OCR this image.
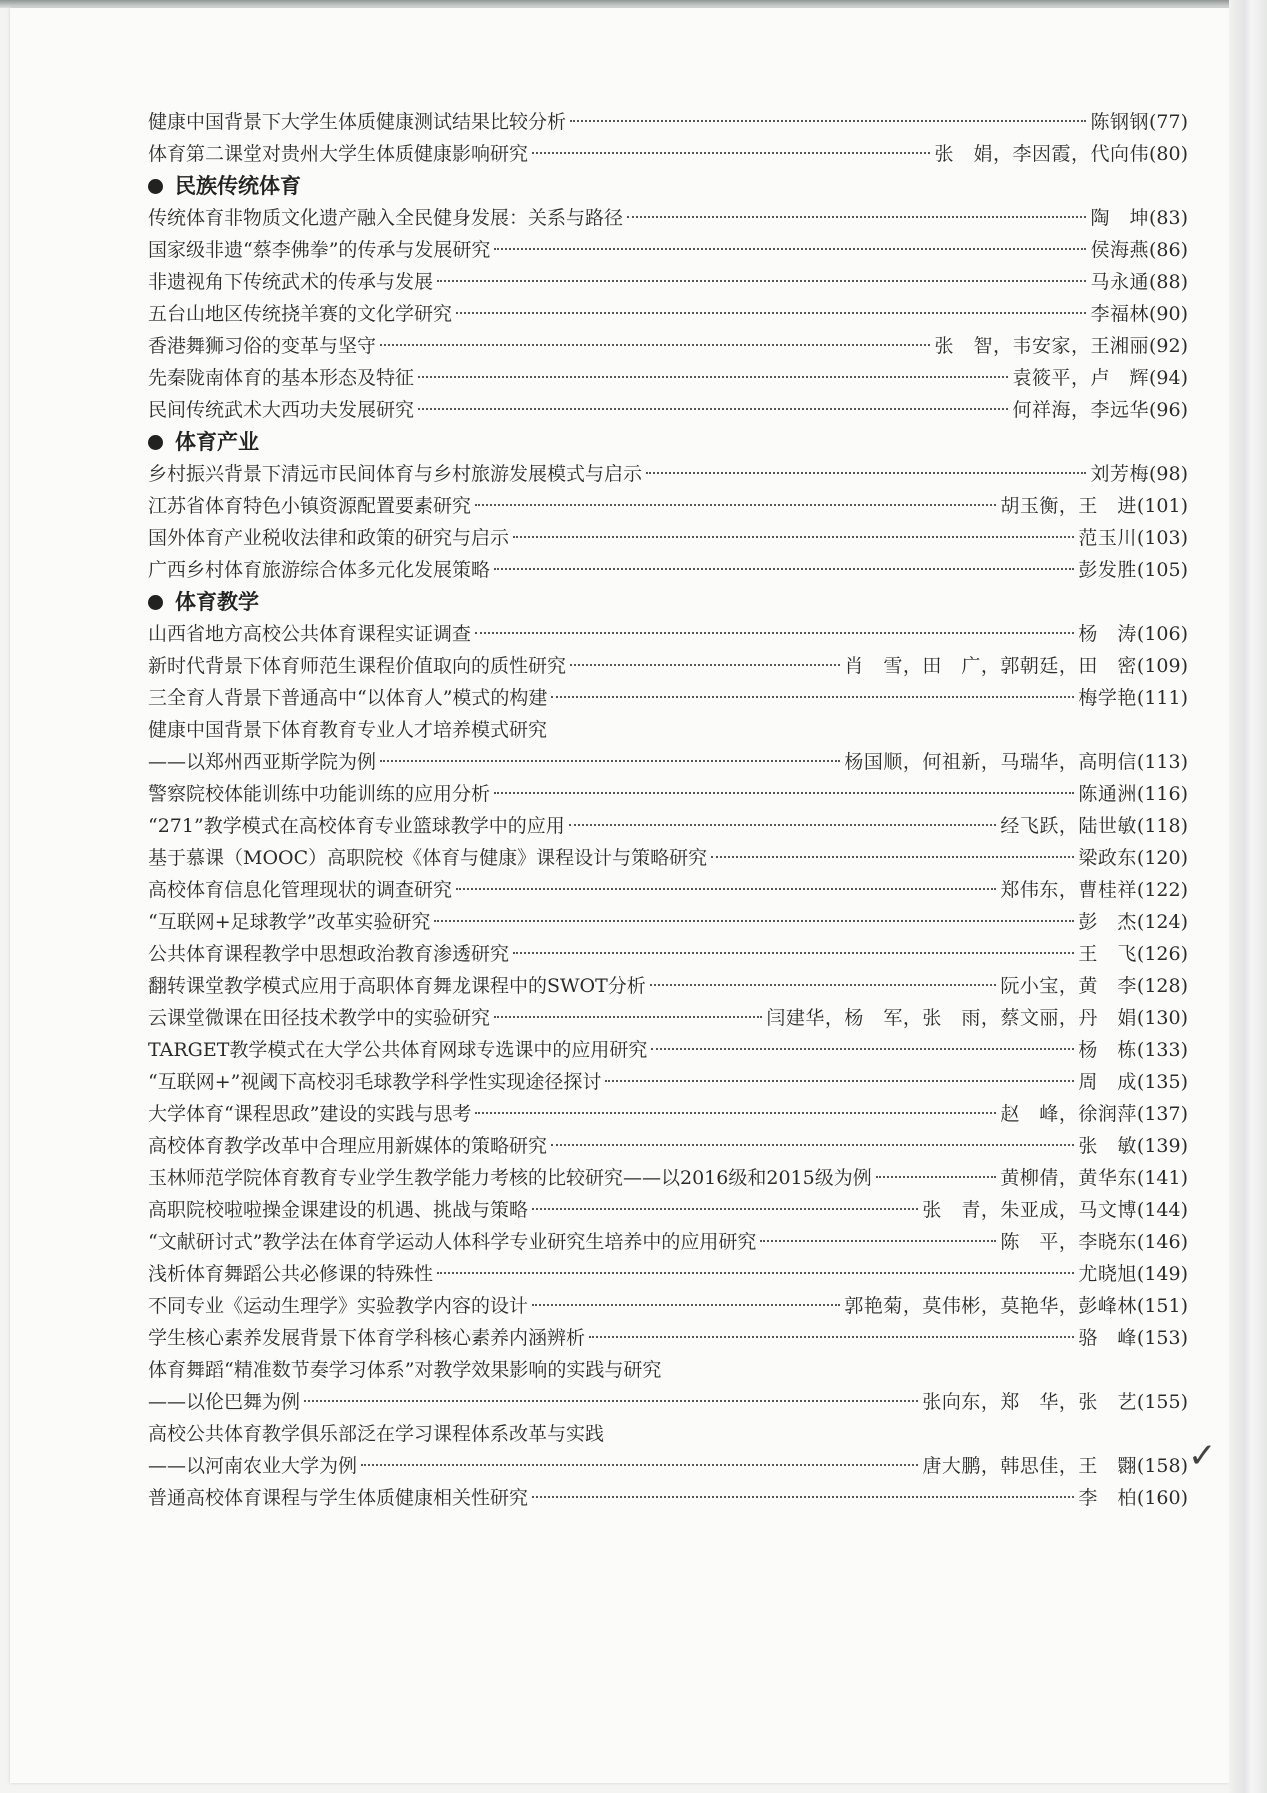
健康中国背景下大学生体质健康测试结果比较分析	陈钢钢 (77)
体育第二课堂对贵州大学生体质健康影响研究	张　娟，李因霞，代向伟 (80)
民族传统体育
传统体育非物质文化遗产融入全民健身发展：关系与路径	陶　坤 (83)
国家级非遗“蔡李佛拳”的传承与发展研究	侯海燕 (86)
非遗视角下传统武术的传承与发展	马永通 (88)
五台山地区传统挠羊赛的文化学研究	李福林 (90)
香港舞狮习俗的变革与坚守	张　智，韦安家，王湘丽 (92)
先秦陇南体育的基本形态及特征	袁筱平，卢　辉 (94)
民间传统武术大西功夫发展研究	何祥海，李远华 (96)
体育产业
乡村振兴背景下清远市民间体育与乡村旅游发展模式与启示	刘芳梅 (98)
江苏省体育特色小镇资源配置要素研究	胡玉衡，王　进 (101)
国外体育产业税收法律和政策的研究与启示	范玉川 (103)
广西乡村体育旅游综合体多元化发展策略	彭发胜 (105)
体育教学
山西省地方高校公共体育课程实证调查	杨　涛 (106)
新时代背景下体育师范生课程价值取向的质性研究	肖　雪，田　广，郭朝廷，田　密 (109)
三全育人背景下普通高中“以体育人”模式的构建	梅学艳 (111)
健康中国背景下体育教育专业人才培养模式研究
——以郑州西亚斯学院为例	杨国顺，何祖新，马瑞华，高明信 (113)
警察院校体能训练中功能训练的应用分析	陈通洲 (116)
“271”教学模式在高校体育专业篮球教学中的应用	经飞跃，陆世敏 (118)
基于慕课（MOOC）高职院校《体育与健康》课程设计与策略研究	梁政东 (120)
高校体育信息化管理现状的调查研究	郑伟东，曹桂祥 (122)
“互联网+足球教学”改革实验研究	彭　杰 (124)
公共体育课程教学中思想政治教育渗透研究	王　飞 (126)
翻转课堂教学模式应用于高职体育舞龙课程中的SWOT分析	阮小宝，黄　李 (128)
云课堂微课在田径技术教学中的实验研究	闫建华，杨　军，张　雨，蔡文丽，丹　娟 (130)
TARGET教学模式在大学公共体育网球专选课中的应用研究	杨　栋 (133)
“互联网+”视阈下高校羽毛球教学科学性实现途径探讨	周　成 (135)
大学体育“课程思政”建设的实践与思考	赵　峰，徐润萍 (137)
高校体育教学改革中合理应用新媒体的策略研究	张　敏 (139)
玉林师范学院体育教育专业学生教学能力考核的比较研究——以2016级和2015级为例	黄柳倩，黄华东 (141)
高职院校啦啦操金课建设的机遇、挑战与策略	张　青，朱亚成，马文博 (144)
“文献研讨式”教学法在体育学运动人体科学专业研究生培养中的应用研究	陈　平，李晓东 (146)
浅析体育舞蹈公共必修课的特殊性	尤晓旭 (149)
不同专业《运动生理学》实验教学内容的设计	郭艳菊，莫伟彬，莫艳华，彭峰林 (151)
学生核心素养发展背景下体育学科核心素养内涵辨析	骆　峰 (153)
体育舞蹈“精准数节奏学习体系”对教学效果影响的实践与研究
——以伦巴舞为例	张向东，郑　华，张　艺 (155)
高校公共体育教学俱乐部泛在学习课程体系改革与实践
——以河南农业大学为例	唐大鹏，韩思佳，王　翾 (158)
普通高校体育课程与学生体质健康相关性研究	李　柏 (160)
✓
